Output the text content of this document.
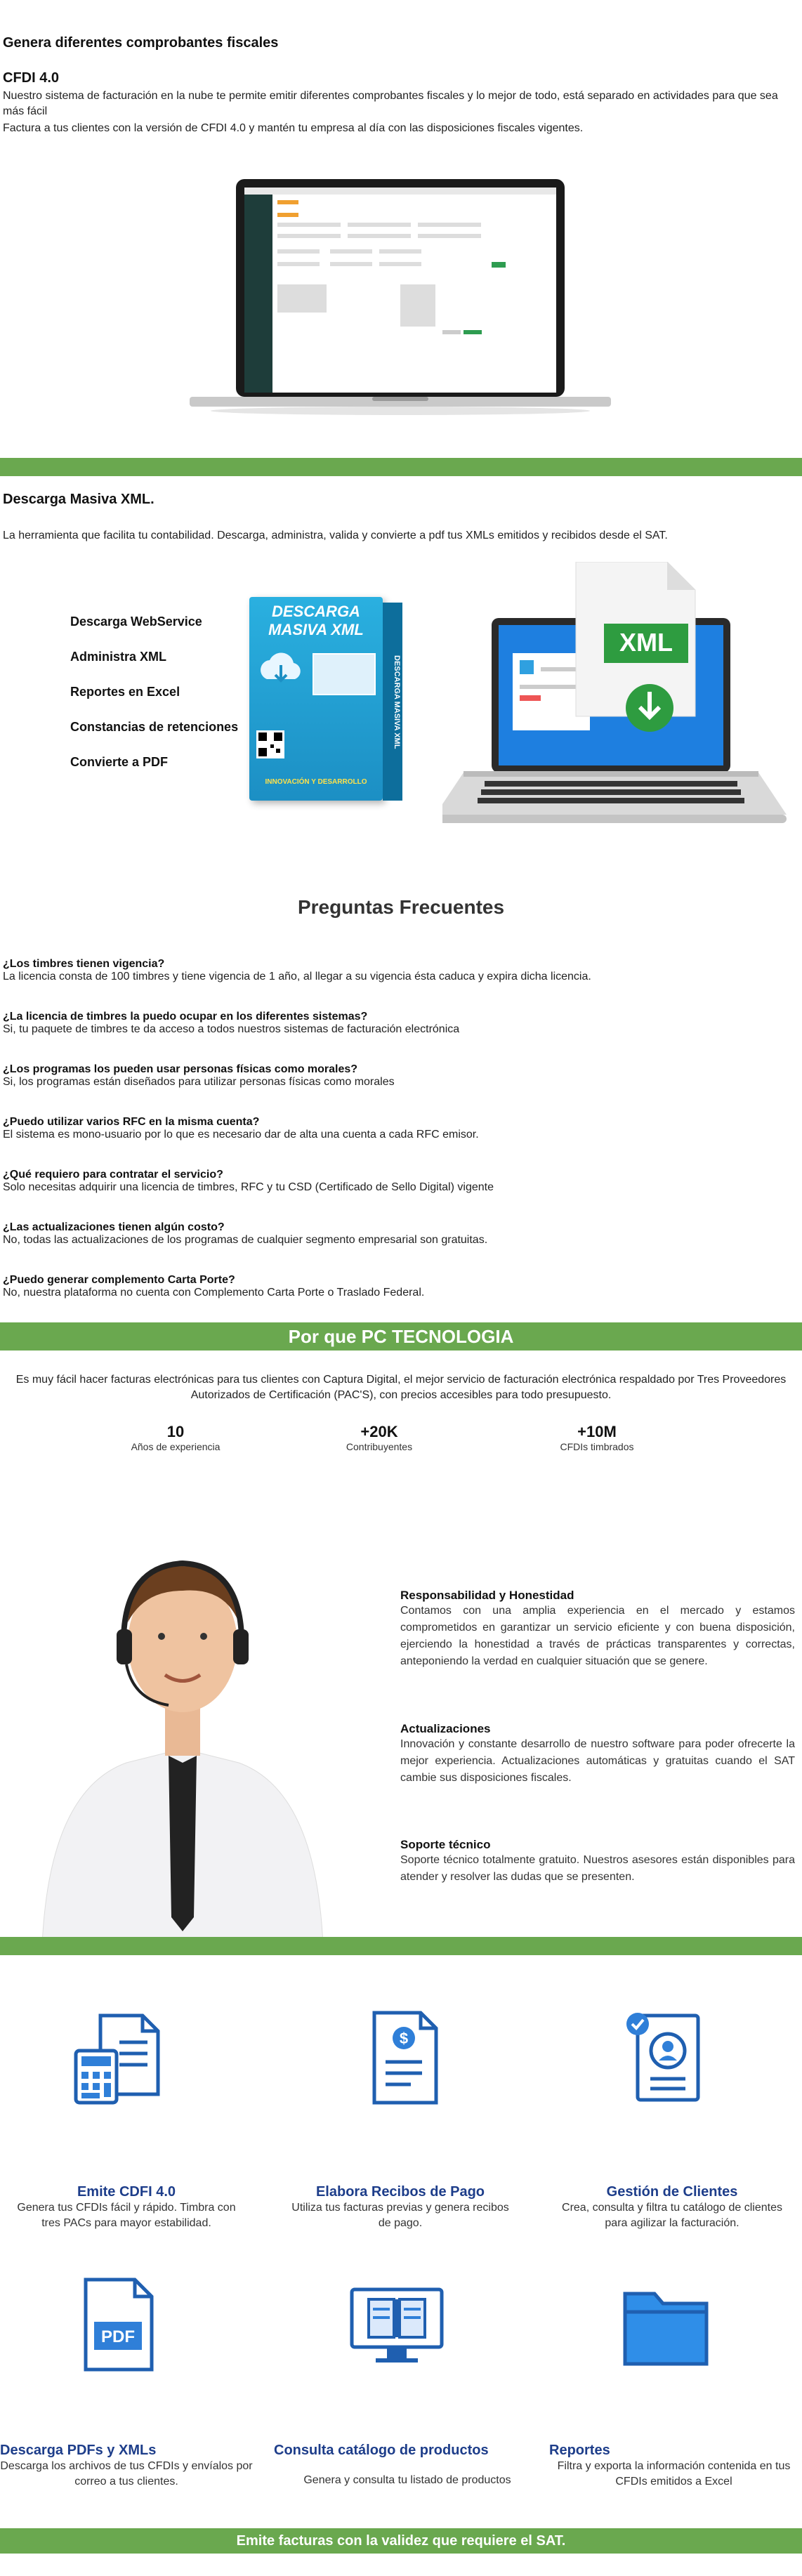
Genera diferentes comprobantes fiscales
CFDI 4.0
Nuestro sistema de facturación en la nube te permite emitir diferentes comprobantes fiscales y lo mejor de todo, está separado en actividades para que sea más fácil
Factura a tus clientes con la versión de CFDI 4.0 y mantén tu empresa al día con las disposiciones fiscales vigentes.
Descarga Masiva XML.
La herramienta que facilita tu contabilidad. Descarga, administra, valida y convierte a pdf tus XMLs emitidos y recibidos desde el SAT.
Descarga WebService
Administra XML
Reportes en Excel
Constancias de retenciones
Convierte a PDF
DESCARGA MASIVA XML
DESCARGA
MASIVA XML
INNOVACIÓN Y DESARROLLO
XML
Preguntas Frecuentes
¿Los timbres tienen vigencia?
La licencia consta de 100 timbres y tiene vigencia de 1 año, al llegar a su vigencia ésta caduca y expira dicha licencia.
¿La licencia de timbres la puedo ocupar en los diferentes sistemas?
Si, tu paquete de timbres te da acceso a todos nuestros sistemas de facturación electrónica
¿Los programas los pueden usar personas físicas como morales?
Si, los programas están diseñados para utilizar personas físicas como morales
¿Puedo utilizar varios RFC en la misma cuenta?
El sistema es mono-usuario por lo que es necesario dar de alta una cuenta a cada RFC emisor.
¿Qué requiero para contratar el servicio?
Solo necesitas adquirir una licencia de timbres, RFC y tu CSD (Certificado de Sello Digital) vigente
¿Las actualizaciones tienen algún costo?
No, todas las actualizaciones de los programas de cualquier segmento empresarial son gratuitas.
¿Puedo generar complemento Carta Porte?
No, nuestra plataforma no cuenta con Complemento Carta Porte o Traslado Federal.
Por que PC TECNOLOGIA
Es muy fácil hacer facturas electrónicas para tus clientes con Captura Digital, el mejor servicio de facturación electrónica respaldado por Tres Proveedores Autorizados de Certificación (PAC'S), con precios accesibles para todo presupuesto.
10
Años de experiencia
+20K
Contribuyentes
+10M
CFDIs timbrados
Responsabilidad y Honestidad
Contamos con una amplia experiencia en el mercado y estamos comprometidos en garantizar un servicio eficiente y con buena disposición, ejerciendo la honestidad a través de prácticas transparentes y correctas, anteponiendo la verdad en cualquier situación que se genere.
Actualizaciones
Innovación y constante desarrollo de nuestro software para poder ofrecerte la mejor experiencia. Actualizaciones automáticas y gratuitas cuando el SAT cambie sus disposiciones fiscales.
Soporte técnico
Soporte técnico totalmente gratuito. Nuestros asesores están disponibles para atender y resolver las dudas que se presenten.
$
Emite CDFI 4.0
Genera tus CFDIs fácil y rápido. Timbra con tres PACs para mayor estabilidad.
Elabora Recibos de Pago
Utiliza tus facturas previas y genera recibos de pago.
Gestión de Clientes
Crea, consulta y filtra tu catálogo de clientes para agilizar la facturación.
PDF
Descarga PDFs y XMLs
Descarga los archivos de tus CFDIs y envíalos por correo a tus clientes.
Consulta catálogo de productos
Genera y consulta tu listado de productos
Reportes
Filtra y exporta la información contenida en tus CFDIs emitidos a Excel
Emite facturas con la validez que requiere el SAT.
